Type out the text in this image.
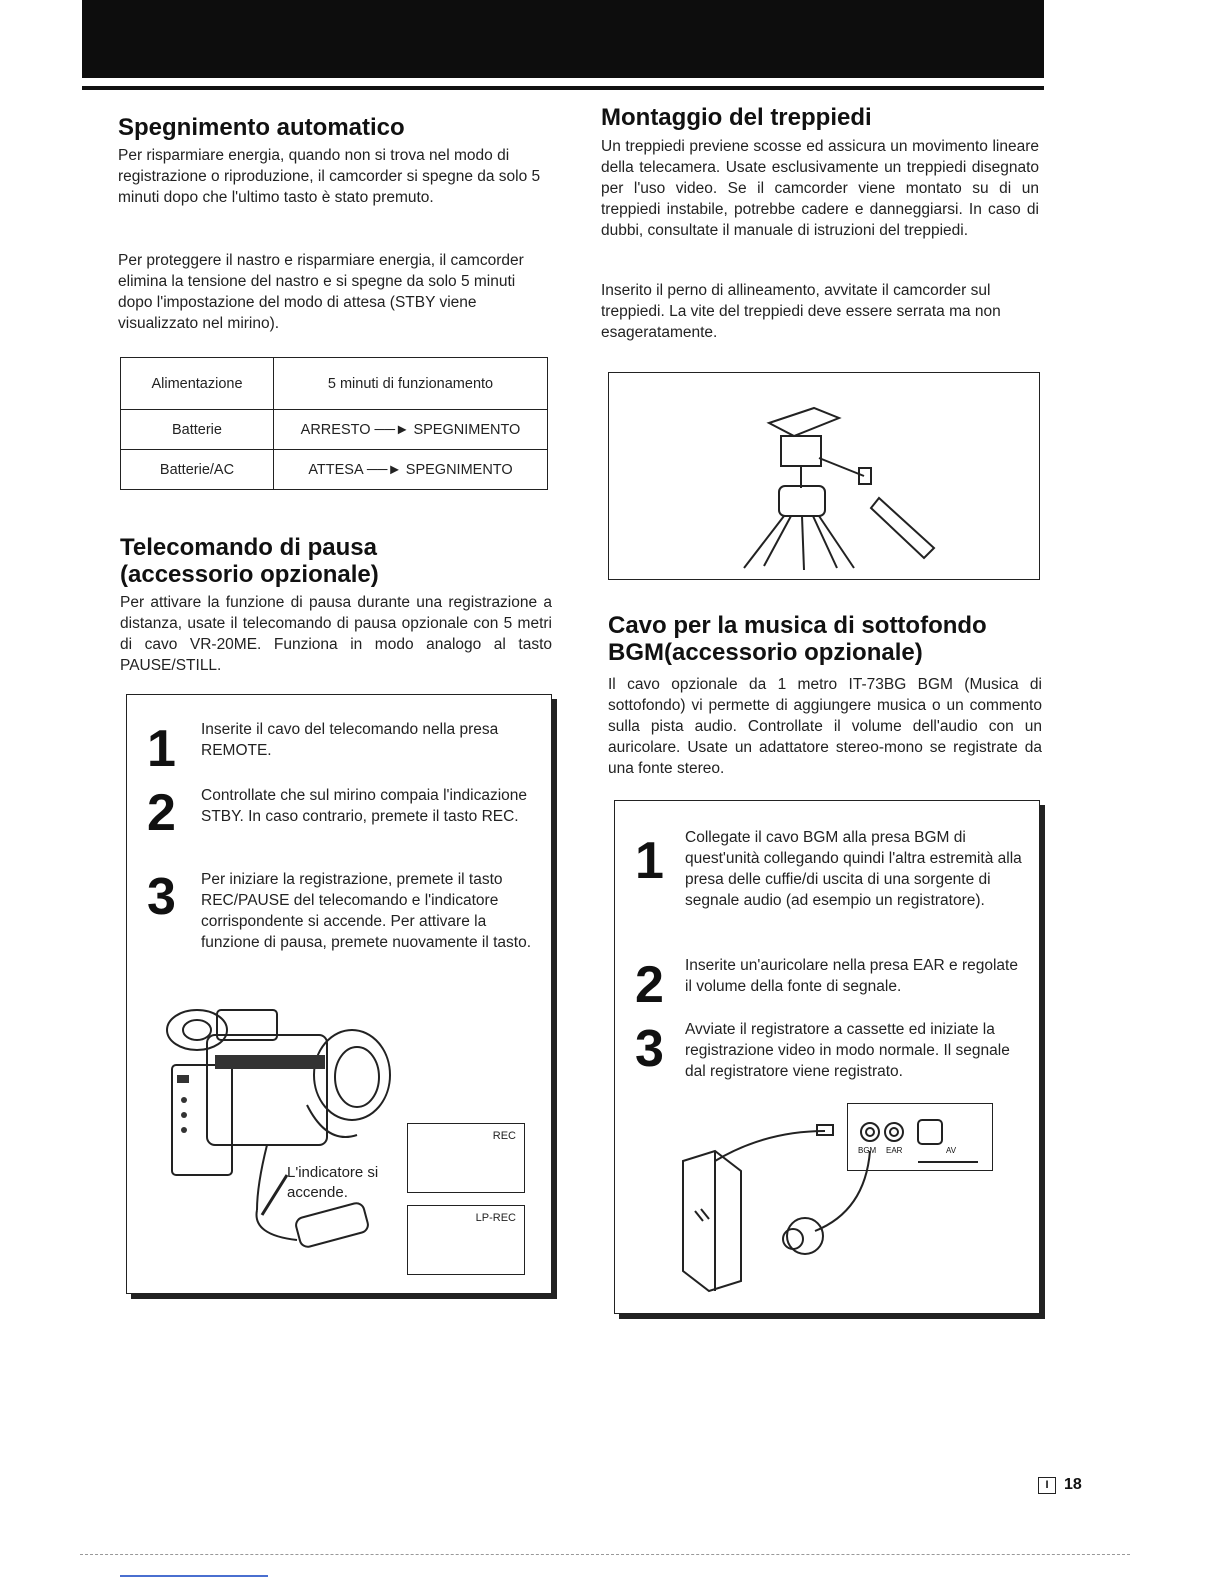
Spegnimento automatico

Per risparmiare energia, quando non si trova nel modo di registrazione o riproduzione, il camcorder si spegne da solo 5 minuti dopo che l'ultimo tasto è stato premuto.

Per proteggere il nastro e risparmiare energia, il camcorder elimina la tensione del nastro e si spegne da solo 5 minuti dopo l'impostazione del modo di attesa (STBY viene visualizzato nel mirino).

Alimentazione	5 minuti di funzionamento
Batterie	ARRESTO ──► SPEGNIMENTO
Batterie/AC	ATTESA ──► SPEGNIMENTO
Telecomando di pausa
(accessorio opzionale)

Per attivare la funzione di pausa durante una registrazione a distanza, usate il telecomando di pausa opzionale con 5 metri di cavo VR-20ME. Funziona in modo analogo al tasto PAUSE/STILL.

1 Inserite il cavo del telecomando nella presa REMOTE.

2 Controllate che sul mirino compaia l'indicazione STBY. In caso contrario, premete il tasto REC.

3 Per iniziare la registrazione, premete il tasto REC/PAUSE del telecomando e l'indicatore corrispondente si accende. Per attivare la funzione di pausa, premete nuovamente il tasto.

L'indicatore si accende.
REC
LP-REC
Montaggio del treppiedi

Un treppiedi previene scosse ed assicura un movimento lineare della telecamera. Usate esclusivamente un treppiedi disegnato per l'uso video. Se il camcorder viene montato su di un treppiedi instabile, potrebbe cadere e danneggiarsi. In caso di dubbi, consultate il manuale di istruzioni del treppiedi.

Inserito il perno di allineamento, avvitate il camcorder sul treppiedi. La vite del treppiedi deve essere serrata ma non esageratamente.

Cavo per la musica di sottofondo
BGM(accessorio opzionale)

Il cavo opzionale da 1 metro IT-73BG BGM (Musica di sottofondo) vi permette di aggiungere musica o un commento sulla pista audio. Controllate il volume dell'audio con un auricolare. Usate un adattatore stereo-mono se registrate da una fonte stereo.

1 Collegate il cavo BGM alla presa BGM di quest'unità collegando quindi l'altra estremità alla presa delle cuffie/di uscita di una sorgente di segnale audio (ad esempio un registratore).

2 Inserite un'auricolare nella presa EAR e regolate il volume della fonte di segnale.

3 Avviate il registratore a cassette ed iniziate la registrazione video in modo normale. Il segnale dal registratore viene registrato.

BGM EAR	AV
I 18
